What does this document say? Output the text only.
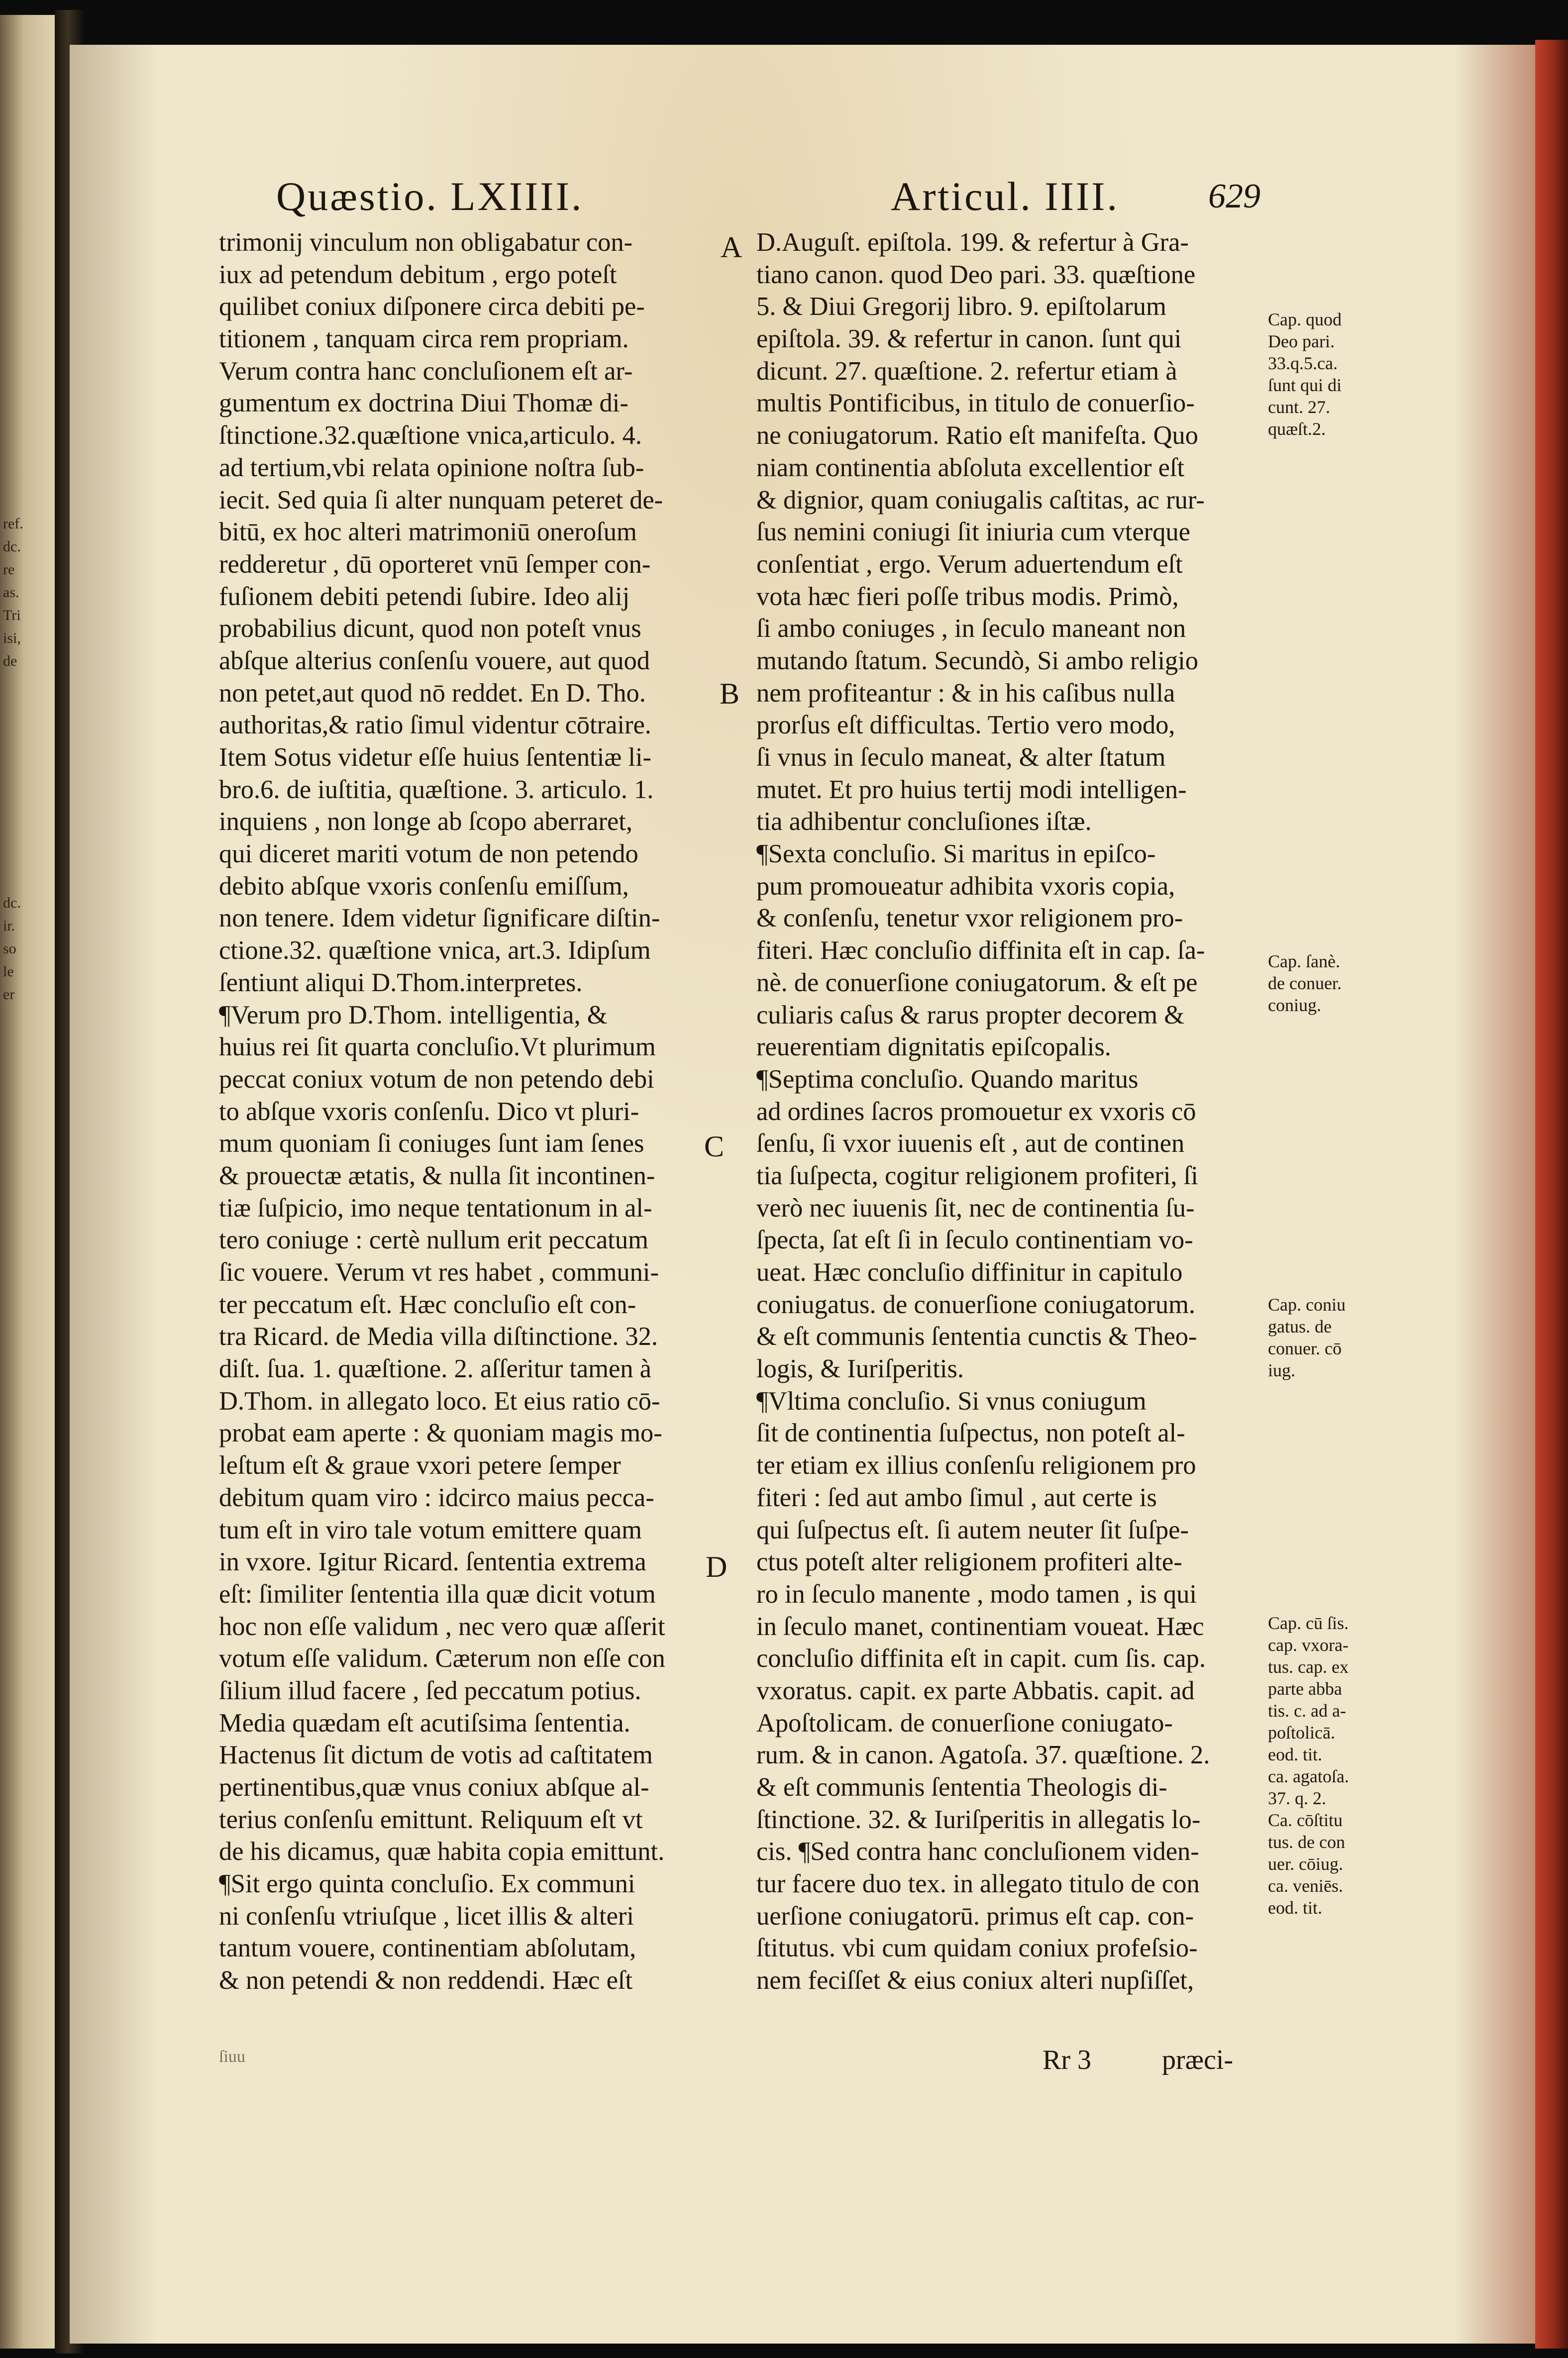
ref.
dc.
re
as.
Tri
isi,
de
dc.
ir.
so
le
er
Quæstio. LXIIII.	Articul. IIII.	629
A
B
C
D
trimonij vinculum non obligabatur con-
iux ad petendum debitum , ergo poteſt
quilibet coniux diſponere circa debiti pe-
titionem , tanquam circa rem propriam.
Verum contra hanc concluſionem eſt ar-
gumentum ex doctrina Diui Thomæ di-
ſtinctione.32.quæſtione vnica,articulo. 4.
ad tertium,vbi relata opinione noſtra ſub-
iecit. Sed quia ſi alter nunquam peteret de-
bitū, ex hoc alteri matrimoniū oneroſum
redderetur , dū oporteret vnū ſemper con-
fuſionem debiti petendi ſubire. Ideo alij
probabilius dicunt, quod non poteſt vnus
abſque alterius conſenſu vouere, aut quod
non petet,aut quod nō reddet. En D. Tho.
authoritas,& ratio ſimul videntur cōtraire.
Item Sotus videtur eſſe huius ſententiæ li-
bro.6. de iuſtitia, quæſtione. 3. articulo. 1.
inquiens , non longe ab ſcopo aberraret,
qui diceret mariti votum de non petendo
debito abſque vxoris conſenſu emiſſum,
non tenere. Idem videtur ſignificare diſtin-
ctione.32. quæſtione vnica, art.3. Idipſum
ſentiunt aliqui D.Thom.interpretes.
¶Verum pro D.Thom. intelligentia, &
huius rei ſit quarta concluſio.Vt plurimum
peccat coniux votum de non petendo debi
to abſque vxoris conſenſu. Dico vt pluri-
mum quoniam ſi coniuges ſunt iam ſenes
& prouectæ ætatis, & nulla ſit incontinen-
tiæ ſuſpicio, imo neque tentationum in al-
tero coniuge : certè nullum erit peccatum
ſic vouere. Verum vt res habet , communi-
ter peccatum eſt. Hæc concluſio eſt con-
tra Ricard. de Media villa diſtinctione. 32.
diſt. ſua. 1. quæſtione. 2. aſſeritur tamen à
D.Thom. in allegato loco. Et eius ratio cō-
probat eam aperte : & quoniam magis mo-
leſtum eſt & graue vxori petere ſemper
debitum quam viro : idcirco maius pecca-
tum eſt in viro tale votum emittere quam
in vxore. Igitur Ricard. ſententia extrema
eſt: ſimiliter ſententia illa quæ dicit votum
hoc non eſſe validum , nec vero quæ aſſerit
votum eſſe validum. Cæterum non eſſe con
ſilium illud facere , ſed peccatum potius.
Media quædam eſt acutiſsima ſententia.
Hactenus ſit dictum de votis ad caſtitatem
pertinentibus,quæ vnus coniux abſque al-
terius conſenſu emittunt. Reliquum eſt vt
de his dicamus, quæ habita copia emittunt.
¶Sit ergo quinta concluſio. Ex communi
ni conſenſu vtriuſque , licet illis & alteri
tantum vouere, continentiam abſolutam,
& non petendi & non reddendi. Hæc eſt
D.Auguſt. epiſtola. 199. & refertur à Gra-
tiano canon. quod Deo pari. 33. quæſtione
5. & Diui Gregorij libro. 9. epiſtolarum
epiſtola. 39. & refertur in canon. ſunt qui
dicunt. 27. quæſtione. 2. refertur etiam à
multis Pontificibus, in titulo de conuerſio-
ne coniugatorum. Ratio eſt manifeſta. Quo
niam continentia abſoluta excellentior eſt
& dignior, quam coniugalis caſtitas, ac rur-
ſus nemini coniugi ſit iniuria cum vterque
conſentiat , ergo. Verum aduertendum eſt
vota hæc fieri poſſe tribus modis. Primò,
ſi ambo coniuges , in ſeculo maneant non
mutando ſtatum. Secundò, Si ambo religio
nem profiteantur : & in his caſibus nulla
prorſus eſt difficultas. Tertio vero modo,
ſi vnus in ſeculo maneat, & alter ſtatum
mutet. Et pro huius tertij modi intelligen-
tia adhibentur concluſiones iſtæ.
¶Sexta concluſio. Si maritus in epiſco-
pum promoueatur adhibita vxoris copia,
& conſenſu, tenetur vxor religionem pro-
fiteri. Hæc concluſio diffinita eſt in cap. ſa-
nè. de conuerſione coniugatorum. & eſt pe
culiaris caſus & rarus propter decorem &
reuerentiam dignitatis epiſcopalis.
¶Septima concluſio. Quando maritus
ad ordines ſacros promouetur ex vxoris cō
ſenſu, ſi vxor iuuenis eſt , aut de continen
tia ſuſpecta, cogitur religionem profiteri, ſi
verò nec iuuenis ſit, nec de continentia ſu-
ſpecta, ſat eſt ſi in ſeculo continentiam vo-
ueat. Hæc concluſio diffinitur in capitulo
coniugatus. de conuerſione coniugatorum.
& eſt communis ſententia cunctis & Theo-
logis, & Iuriſperitis.
¶Vltima concluſio. Si vnus coniugum
ſit de continentia ſuſpectus, non poteſt al-
ter etiam ex illius conſenſu religionem pro
fiteri : ſed aut ambo ſimul , aut certe is
qui ſuſpectus eſt. ſi autem neuter ſit ſuſpe-
ctus poteſt alter religionem profiteri alte-
ro in ſeculo manente , modo tamen , is qui
in ſeculo manet, continentiam voueat. Hæc
concluſio diffinita eſt in capit. cum ſis. cap.
vxoratus. capit. ex parte Abbatis. capit. ad
Apoſtolicam. de conuerſione coniugato-
rum. & in canon. Agatoſa. 37. quæſtione. 2.
& eſt communis ſententia Theologis di-
ſtinctione. 32. & Iuriſperitis in allegatis lo-
cis. ¶Sed contra hanc concluſionem viden-
tur facere duo tex. in allegato titulo de con
uerſione coniugatorū. primus eſt cap. con-
ſtitutus. vbi cum quidam coniux profeſsio-
nem feciſſet & eius coniux alteri nupſiſſet,
Cap. quod
Deo pari.
33.q.5.ca.
ſunt qui di
cunt. 27.
quæſt.2.
Cap. ſanè.
de conuer.
coniug.
Cap. coniu
gatus. de
conuer. cō
iug.
Cap. cū ſis.
cap. vxora-
tus. cap. ex
parte abba
tis. c. ad a-
poſtolicā.
eod. tit.
ca. agatoſa.
37. q. 2.
Ca. cōſtitu
tus. de con
uer. cōiug.
ca. veniēs.
eod. tit.
ſiuu	Rr 3	præci-
